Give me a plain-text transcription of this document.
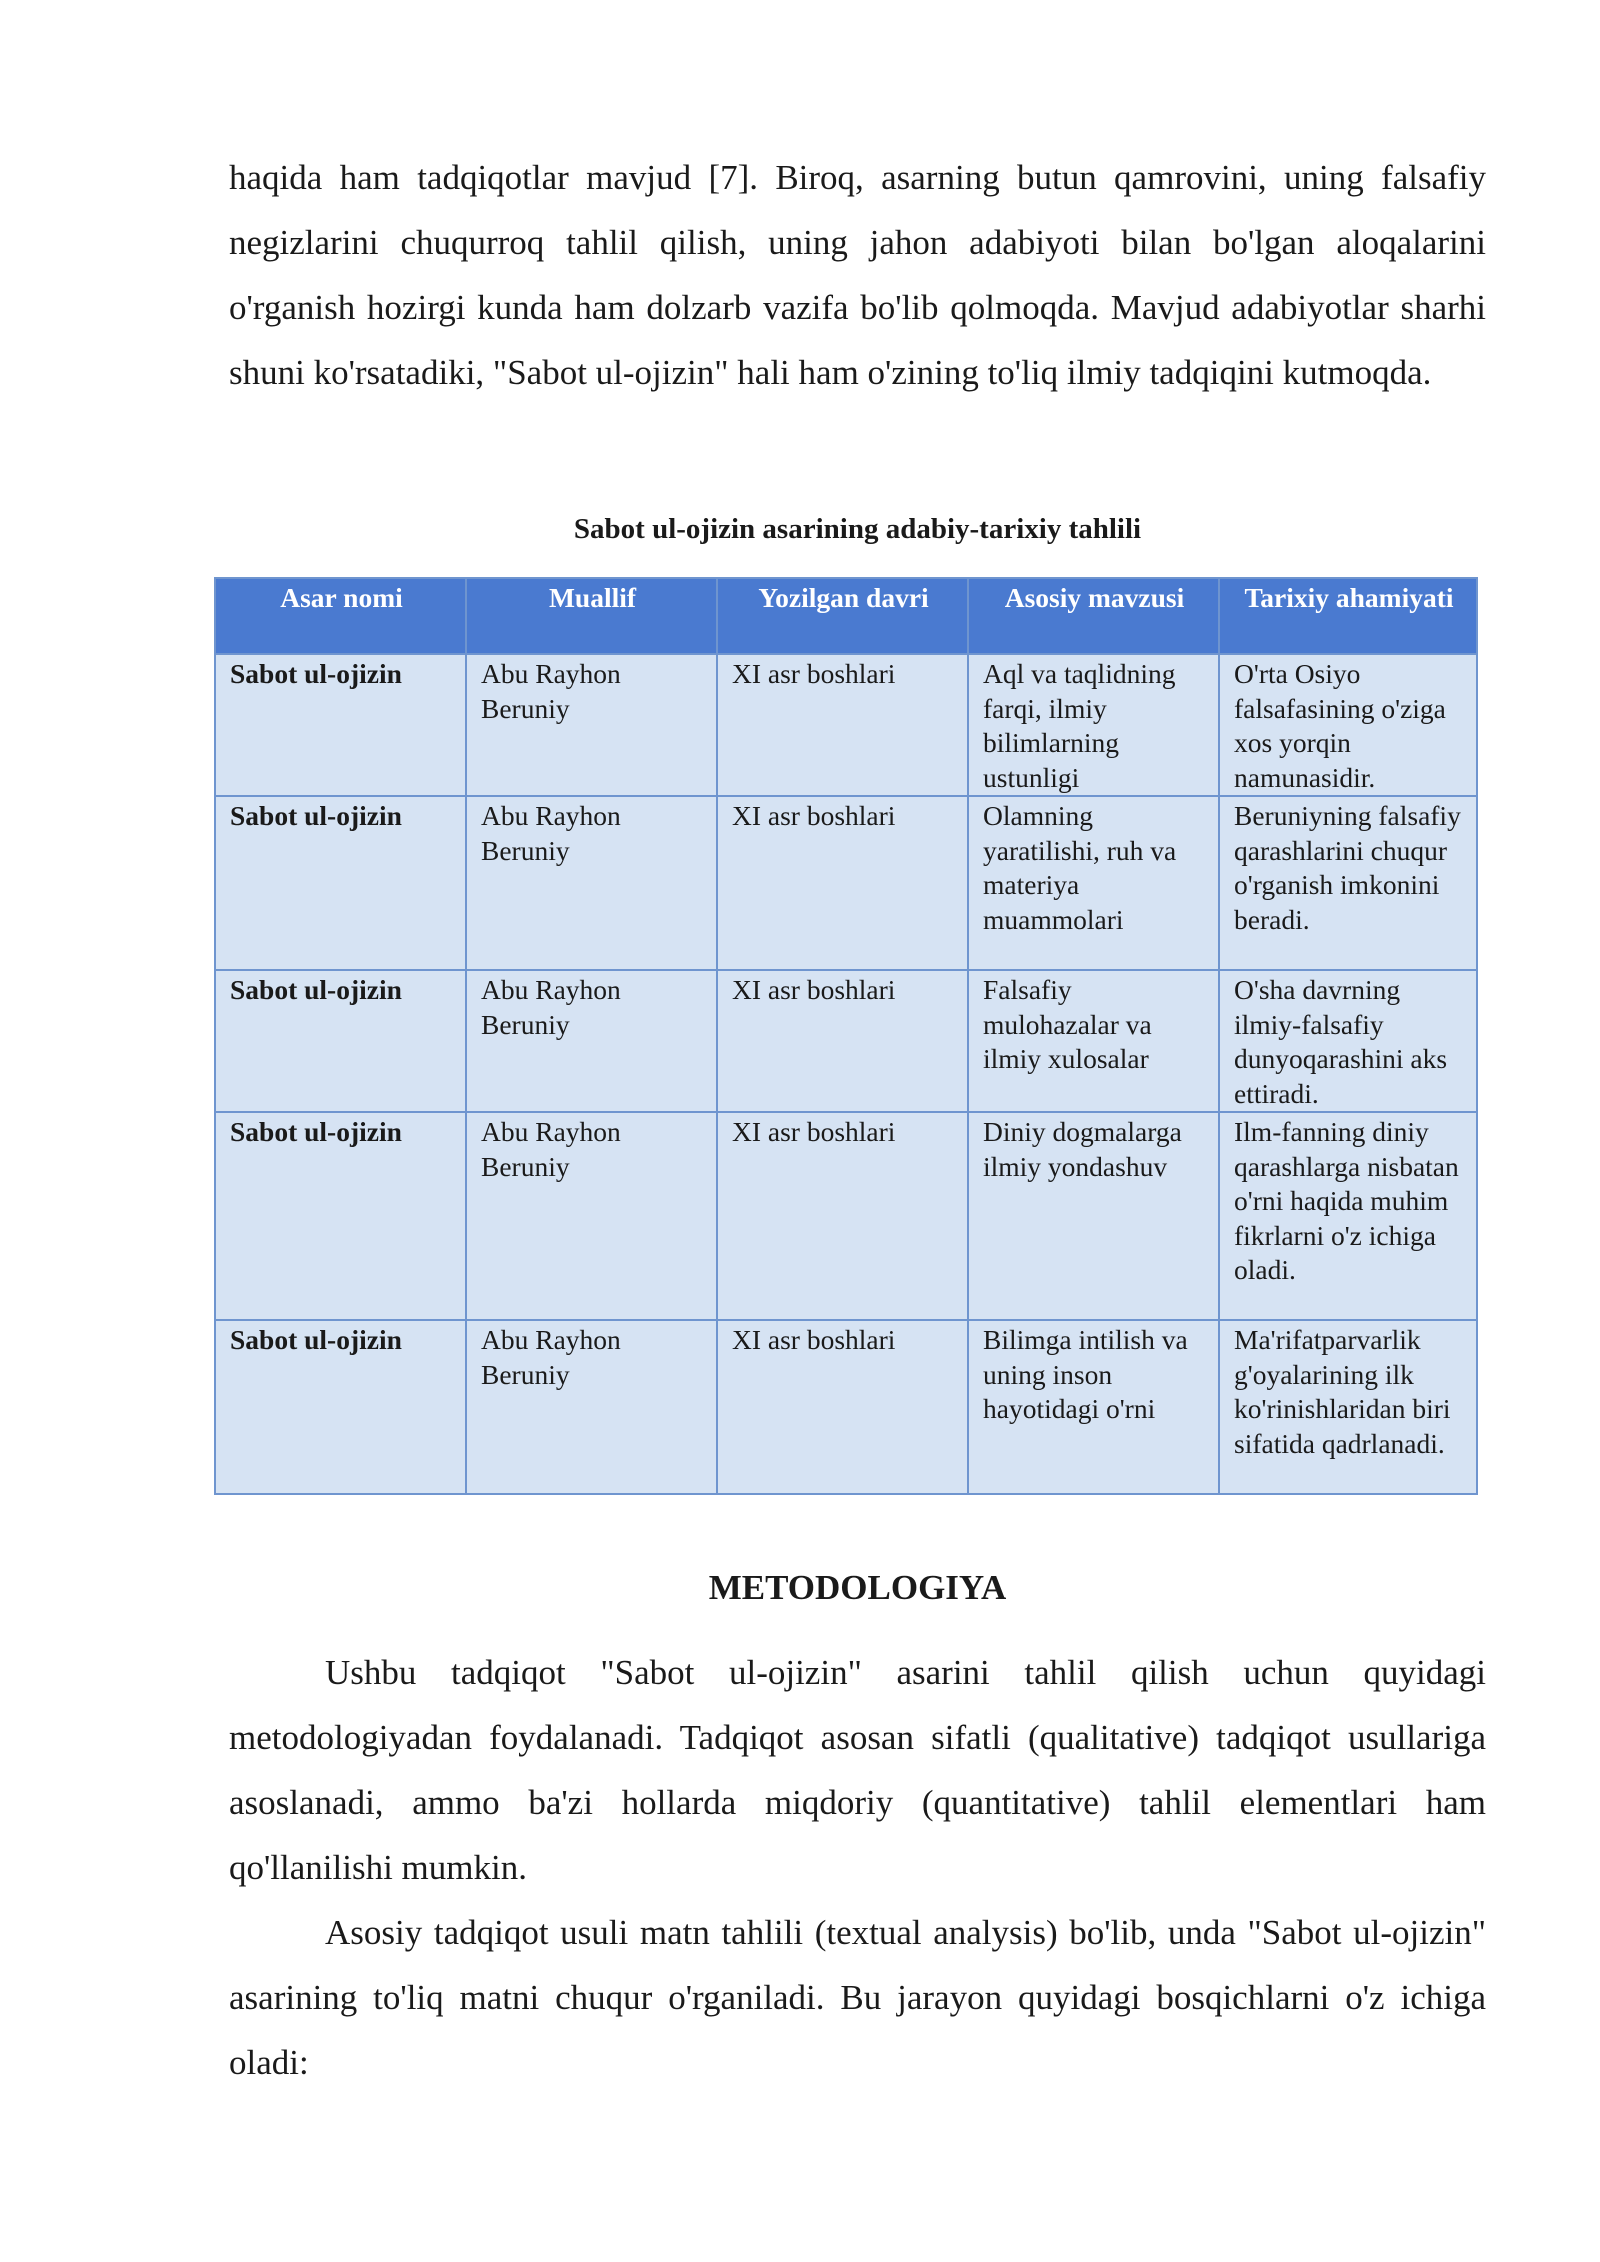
haqida ham tadqiqotlar mavjud [7]. Biroq, asarning butun qamrovini, uning falsafiy negizlarini chuqurroq tahlil qilish, uning jahon adabiyoti bilan bo'lgan aloqalarini o'rganish hozirgi kunda ham dolzarb vazifa bo'lib qolmoqda. Mavjud adabiyotlar sharhi shuni ko'rsatadiki, "Sabot ul-ojizin" hali ham o'zining to'liq ilmiy tadqiqini kutmoqda.

Sabot ul-ojizin asarining adabiy-tarixiy tahlili

Asar nomi	Muallif	Yozilgan davri	Asosiy mavzusi	Tarixiy ahamiyati
Sabot ul-ojizin	Abu Rayhon Beruniy	XI asr boshlari	Aql va taqlidning farqi, ilmiy bilimlarning ustunligi	O'rta Osiyo falsafasining o'ziga xos yorqin namunasidir.
Sabot ul-ojizin	Abu Rayhon Beruniy	XI asr boshlari	Olamning yaratilishi, ruh va materiya muammolari	Beruniyning falsafiy qarashlarini chuqur o'rganish imkonini beradi.
Sabot ul-ojizin	Abu Rayhon Beruniy	XI asr boshlari	Falsafiy mulohazalar va ilmiy xulosalar	O'sha davrning ilmiy-falsafiy dunyoqarashini aks ettiradi.
Sabot ul-ojizin	Abu Rayhon Beruniy	XI asr boshlari	Diniy dogmalarga ilmiy yondashuv	Ilm-fanning diniy qarashlarga nisbatan o'rni haqida muhim fikrlarni o'z ichiga oladi.
Sabot ul-ojizin	Abu Rayhon Beruniy	XI asr boshlari	Bilimga intilish va uning inson hayotidagi o'rni	Ma'rifatparvarlik g'oyalarining ilk ko'rinishlaridan biri sifatida qadrlanadi.
METODOLOGIYA

Ushbu tadqiqot "Sabot ul-ojizin" asarini tahlil qilish uchun quyidagi metodologiyadan foydalanadi. Tadqiqot asosan sifatli (qualitative) tadqiqot usullariga asoslanadi, ammo ba'zi hollarda miqdoriy (quantitative) tahlil elementlari ham qo'llanilishi mumkin.

Asosiy tadqiqot usuli matn tahlili (textual analysis) bo'lib, unda "Sabot ul-ojizin" asarining to'liq matni chuqur o'rganiladi. Bu jarayon quyidagi bosqichlarni o'z ichiga oladi:
